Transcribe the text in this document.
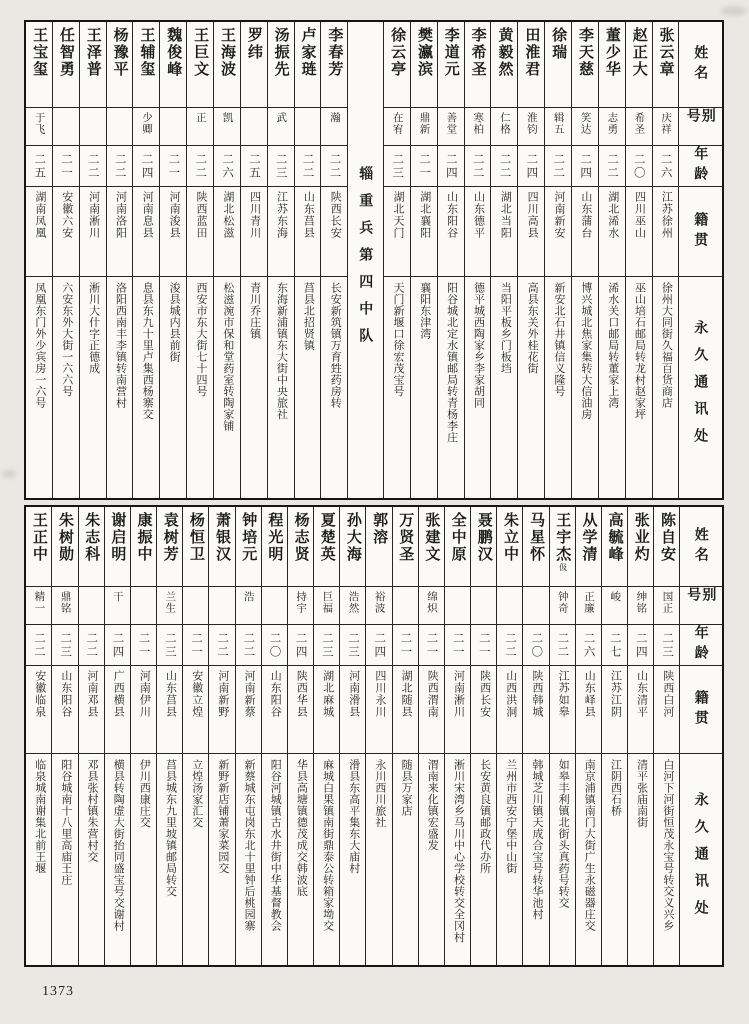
姓名
别号
年龄
籍贯
永久通讯处
张云章
庆祥
二六
江苏徐州
徐州大同街久福百货商店
赵正大
希圣
二〇
四川巫山
巫山培石邮局转龙村赵家坪
董少华
志勇
二二
湖北浠水
浠水关口邮局转董家上湾
李天慈
笑达
二四
山东蒲台
博兴城北焦家集转大信油房
徐瑞
辑五
二二
河南新安
新安北石井镇信义隆号
田淮君
淮钧
二四
四川高县
高县东关外桂花街
黄毅然
仁格
二二
湖北当阳
当阳平板乡门板垱
李希圣
寒柏
二二
山东德平
德平城西陶家乡李家胡同
李道元
善堂
二四
山东阳谷
阳谷城北定水镇邮局转青杨李庄
樊瀛滨
鼎新
二一
湖北襄阳
襄阳东津湾
徐云亭
在宥
二三
湖北天门
天门新堰口徐宏茂宝号
辎重兵第四中队
李春芳
瀚
二二
陕西长安
长安新筑镇万育甡药房转
卢家琏
二二
山东莒县
莒县北招贤镇
汤振先
武
二三
江苏东海
东海新浦镇东大街中央旅社
罗纬
二五
四川青川
青川乔庄镇
王海波
凯
二六
湖北松滋
松滋涴市保和堂药室转陶家铺
王巨文
正
二二
陕西蓝田
西安市东大街七十四号
魏俊峰
二一
河南浚县
浚县城内县前街
王辅玺
少卿
二四
河南息县
息县东九十里卢集西杨寨交
杨豫平
二二
河南洛阳
洛阳西南丰李镇转南营村
王泽普
二二
河南淅川
淅川大什字正德成
任智勇
二一
安徽六安
六安东外大街一六六号
王宝玺
于飞
二五
湖南凤凰
凤凰东门外少宾房一六号
姓名
别号
年龄
籍贯
永久通讯处
陈自安
国正
二三
陕西白河
白河下河街恒茂永宝号转交义兴乡
张业灼
绅铭
二四
山东清平
清平张庙南街
高毓峰
峻
二七
江苏江阴
江阴西石桥
从学清
正廉
二六
山东峄县
南京浦镇南门大街广生永磁器庄交
王宇杰
伋
钟奇
二二
江苏如皋
如皋丰利镇北街头真药号转交
马星怀
二〇
陕西韩城
韩城芝川镇天成合宝号转华池村
朱立中
二二
山西洪洞
兰州市西安宁堡中山街
聂鹏汉
二一
陕西长安
长安黄良镇邮政代办所
全中原
二一
河南淅川
淅川宋湾乡马川中心学校转交全冈村
张建文
绵炽
二一
陕西渭南
渭南来化镇宏盛发
万贤圣
二一
湖北随县
随县万家店
郭溶
裕波
二四
四川永川
永川西川旅社
孙大海
浩然
二三
河南滑县
滑县东高平集东大庙村
夏楚英
巨福
二三
湖北麻城
麻城白果镇南街鼎泰公转箱家坳交
杨志贤
持宇
二四
陕西华县
华县高塘镇德茂成交韩波底
程光明
二〇
山东阳谷
阳谷河城镇古水井街中华基督教会
钟培元
浩
二二
河南新蔡
新蔡城东屯岗东北十里钟后桃园寨
萧银汉
二二
河南新野
新野新店铺萧家菜园交
杨恒卫
二一
安徽立煌
立煌汤家汇交
袁树芳
兰生
二三
山东莒县
莒县城东九里坡镇邮局转交
康振中
二一
河南伊川
伊川西康庄交
谢启明
干
二四
广西横县
横县转陶虚大街抬同盛宝号交谢村
朱志科
二二
河南邓县
邓县张村镇朱营村交
朱树勋
鼎铭
二三
山东阳谷
阳谷城南十八里高庙王庄
王正中
精一
二二
安徽临泉
临泉城南谢集北前王堰
1373
